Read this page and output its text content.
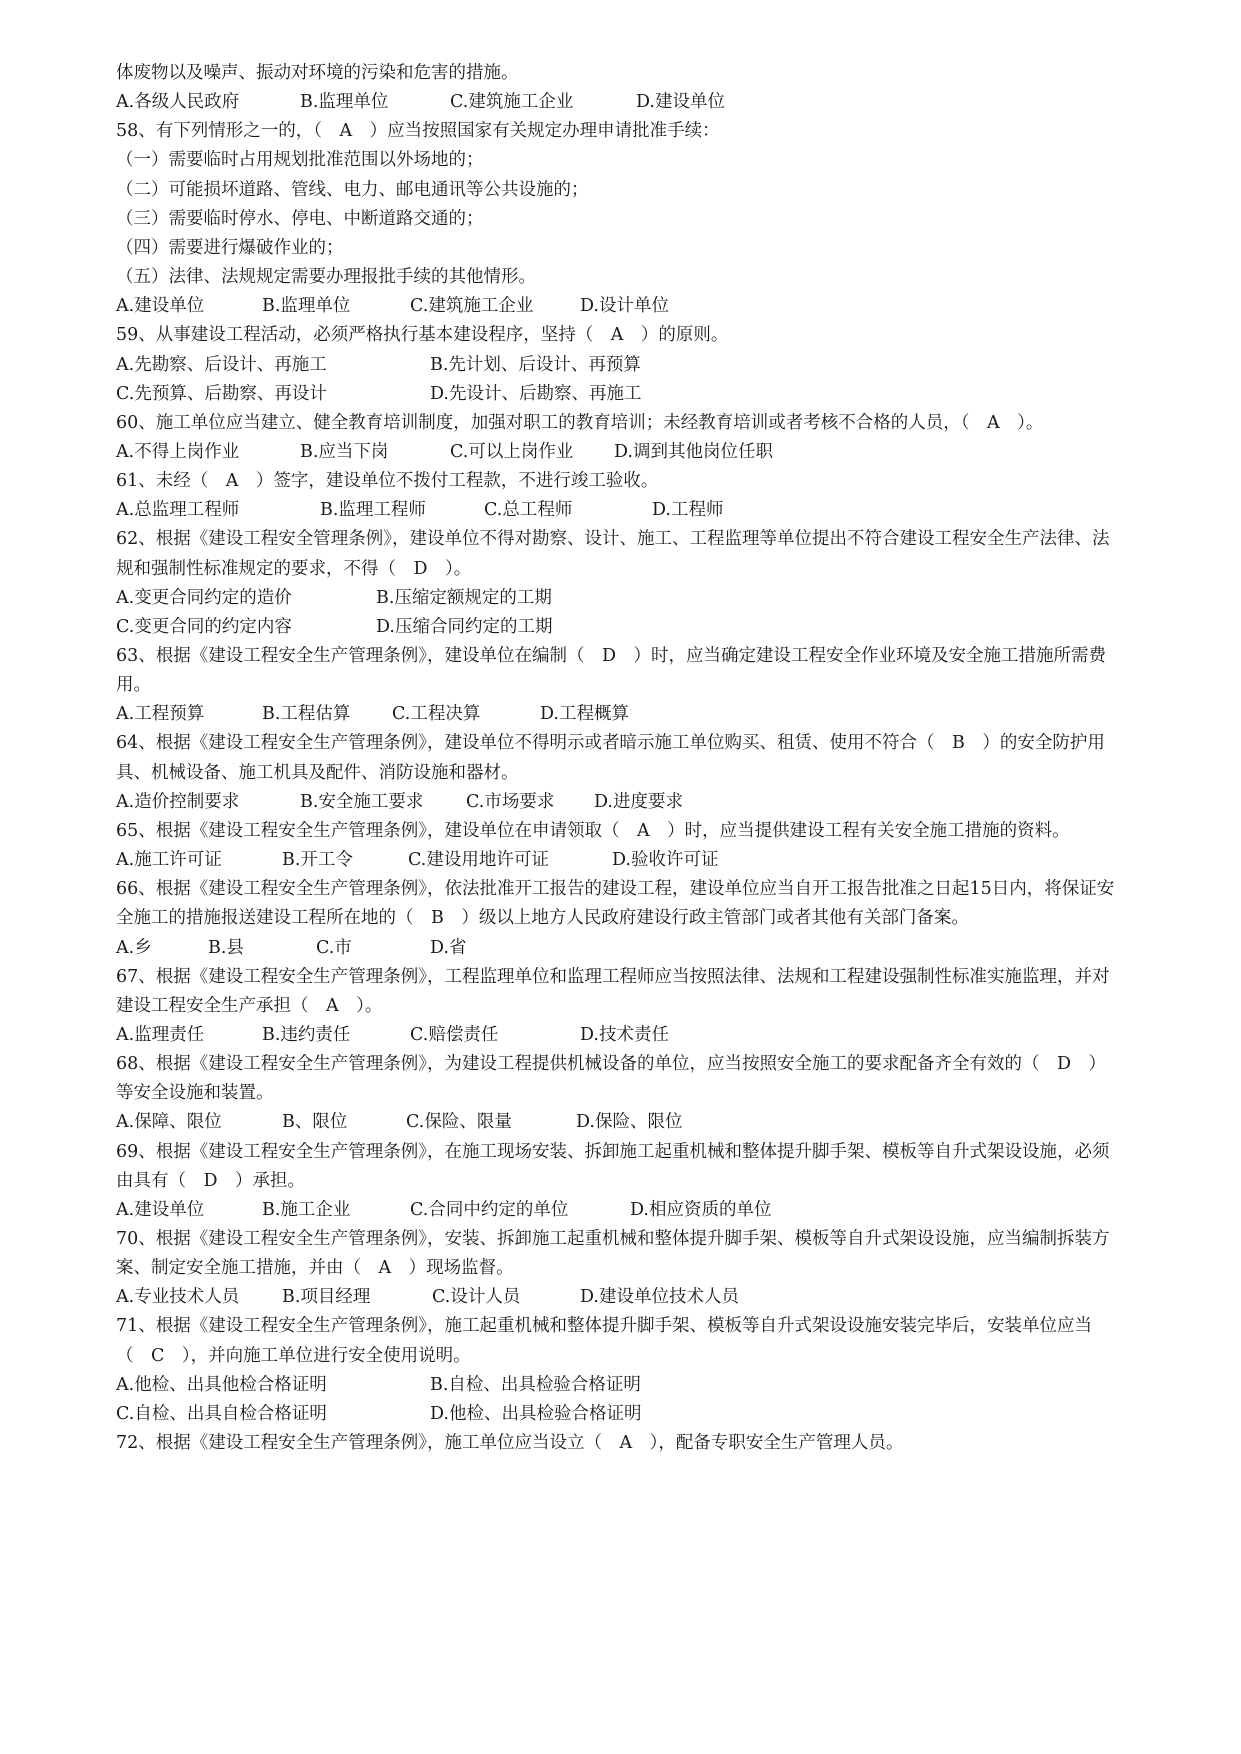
体废物以及噪声、振动对环境的污染和危害的措施。
A.各级人民政府	B.监理单位	C.建筑施工企业	D.建设单位
58、有下列情形之一的，（　A　）应当按照国家有关规定办理申请批准手续：
（一）需要临时占用规划批准范围以外场地的；
（二）可能损坏道路、管线、电力、邮电通讯等公共设施的；
（三）需要临时停水、停电、中断道路交通的；
（四）需要进行爆破作业的；
（五）法律、法规规定需要办理报批手续的其他情形。
A.建设单位	B.监理单位	C.建筑施工企业	D.设计单位
59、从事建设工程活动，必须严格执行基本建设程序，坚持（　A　）的原则。
A.先勘察、后设计、再施工	B.先计划、后设计、再预算
C.先预算、后勘察、再设计	D.先设计、后勘察、再施工
60、施工单位应当建立、健全教育培训制度，加强对职工的教育培训；未经教育培训或者考核不合格的人员，（　A　）。
A.不得上岗作业	B.应当下岗	C.可以上岗作业 D.调到其他岗位任职
61、未经（　A　）签字，建设单位不拨付工程款，不进行竣工验收。
A.总监理工程师	B.监理工程师	C.总工程师	D.工程师
62、根据《建设工程安全管理条例》，建设单位不得对勘察、设计、施工、工程监理等单位提出不符合建设工程安全生产法律、法
规和强制性标准规定的要求，不得（　D　）。
A.变更合同约定的造价	B.压缩定额规定的工期
C.变更合同的约定内容	D.压缩合同约定的工期
63、根据《建设工程安全生产管理条例》，建设单位在编制（　D　）时，应当确定建设工程安全作业环境及安全施工措施所需费
用。
A.工程预算	B.工程估算 C.工程决算	D.工程概算
64、根据《建设工程安全生产管理条例》，建设单位不得明示或者暗示施工单位购买、租赁、使用不符合（　B　）的安全防护用
具、机械设备、施工机具及配件、消防设施和器材。
A.造价控制要求	B.安全施工要求 C.市场要求 D.进度要求
65、根据《建设工程安全生产管理条例》，建设单位在申请领取（　A　）时，应当提供建设工程有关安全施工措施的资料。
A.施工许可证	B.开工令	C.建设用地许可证	D.验收许可证
66、根据《建设工程安全生产管理条例》，依法批准开工报告的建设工程，建设单位应当自开工报告批准之日起15日内，将保证安
全施工的措施报送建设工程所在地的（　B　）级以上地方人民政府建设行政主管部门或者其他有关部门备案。
A.乡	B.县	C.市	D.省
67、根据《建设工程安全生产管理条例》，工程监理单位和监理工程师应当按照法律、法规和工程建设强制性标准实施监理，并对
建设工程安全生产承担（　A　）。
A.监理责任	B.违约责任	C.赔偿责任	D.技术责任
68、根据《建设工程安全生产管理条例》，为建设工程提供机械设备的单位，应当按照安全施工的要求配备齐全有效的（　D　）
等安全设施和装置。
A.保障、限位	B、限位	C.保险、限量	D.保险、限位
69、根据《建设工程安全生产管理条例》，在施工现场安装、拆卸施工起重机械和整体提升脚手架、模板等自升式架设设施，必须
由具有（　D　）承担。
A.建设单位	B.施工企业	C.合同中约定的单位	D.相应资质的单位
70、根据《建设工程安全生产管理条例》，安装、拆卸施工起重机械和整体提升脚手架、模板等自升式架设设施，应当编制拆装方
案、制定安全施工措施，并由（　A　）现场监督。
A.专业技术人员 B.项目经理	C.设计人员	D.建设单位技术人员
71、根据《建设工程安全生产管理条例》，施工起重机械和整体提升脚手架、模板等自升式架设设施安装完毕后，安装单位应当
（　C　），并向施工单位进行安全使用说明。
A.他检、出具他检合格证明	B.自检、出具检验合格证明
C.自检、出具自检合格证明	D.他检、出具检验合格证明
72、根据《建设工程安全生产管理条例》，施工单位应当设立（　A　），配备专职安全生产管理人员。
